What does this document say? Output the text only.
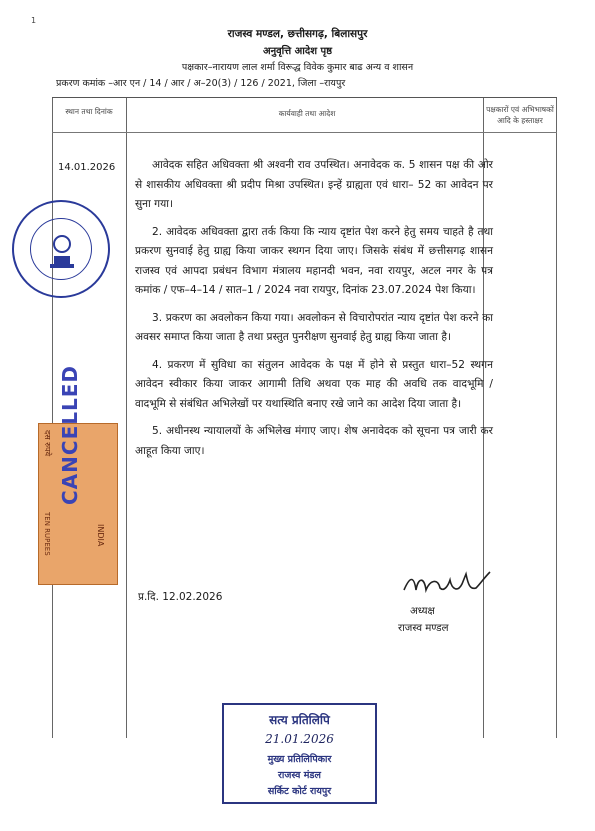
1
राजस्व मण्डल, छत्तीसगढ़, बिलासपुर
अनुवृत्ति आदेश पृष्ठ
पक्षकार–नारायण लाल शर्मा विरूद्ध विवेक कुमार बाढ अन्य व शासन
प्रकरण कमांक –आर एन / 14 / आर / अ–20(3) / 126 / 2021, जिला –रायपुर
स्थान तथा दिनांक	कार्यवाही तथा आदेश	पक्षकारों एवं अभिभाषकों आदि के हस्ताक्षर
14.01.2026	आवेदक सहित अधिवक्ता श्री अश्वनी राव उपस्थित। अनावेदक क. 5 शासन पक्ष की ओर से शासकीय अधिवक्ता श्री प्रदीप मिश्रा उपस्थित। इन्हें ग्राह्यता एवं धारा– 52 का आवेदन पर सुना गया।

2. आवेदक अधिवक्ता द्वारा तर्क किया कि न्याय दृष्टांत पेश करने हेतु समय चाहते है तथा प्रकरण सुनवाई हेतु ग्राह्य किया जाकर स्थगन दिया जाए। जिसके संबंध में छत्तीसगढ़ शासन राजस्व एवं आपदा प्रबंधन विभाग मंत्रालय महानदी भवन, नवा रायपुर, अटल नगर के पत्र कमांक / एफ–4–14 / सात–1 / 2024 नवा रायपुर, दिनांक 23.07.2024 पेश किया।

3. प्रकरण का अवलोकन किया गया। अवलोकन से विचारोपरांत न्याय दृष्टांत पेश करने का अवसर समाप्त किया जाता है तथा प्रस्तुत पुनरीक्षण सुनवाई हेतु ग्राह्य किया जाता है।

4. प्रकरण में सुविधा का संतुलन आवेदक के पक्ष में होने से प्रस्तुत धारा–52 स्थगन आवेदन स्वीकार किया जाकर आगामी तिथि अथवा एक माह की अवधि तक वादभूमि / वादभूमि से संबंधित अभिलेखों पर यथास्थिति बनाए रखे जाने का आदेश दिया जाता है।

5. अधीनस्थ न्यायालयों के अभिलेख मंगाए जाए। शेष अनावेदक को सूचना पत्र जारी कर आहूत किया जाए।

प्र.दि. 12.02.2026
अध्यक्ष
राजस्व मण्डल
दस रुपये
TEN RUPEES	INDIA
CANCELLED
सत्य प्रतिलिपि
21.01.2026
मुख्य प्रतिलिपिकार
राजस्व मंडल
सर्किट कोर्ट रायपुर
